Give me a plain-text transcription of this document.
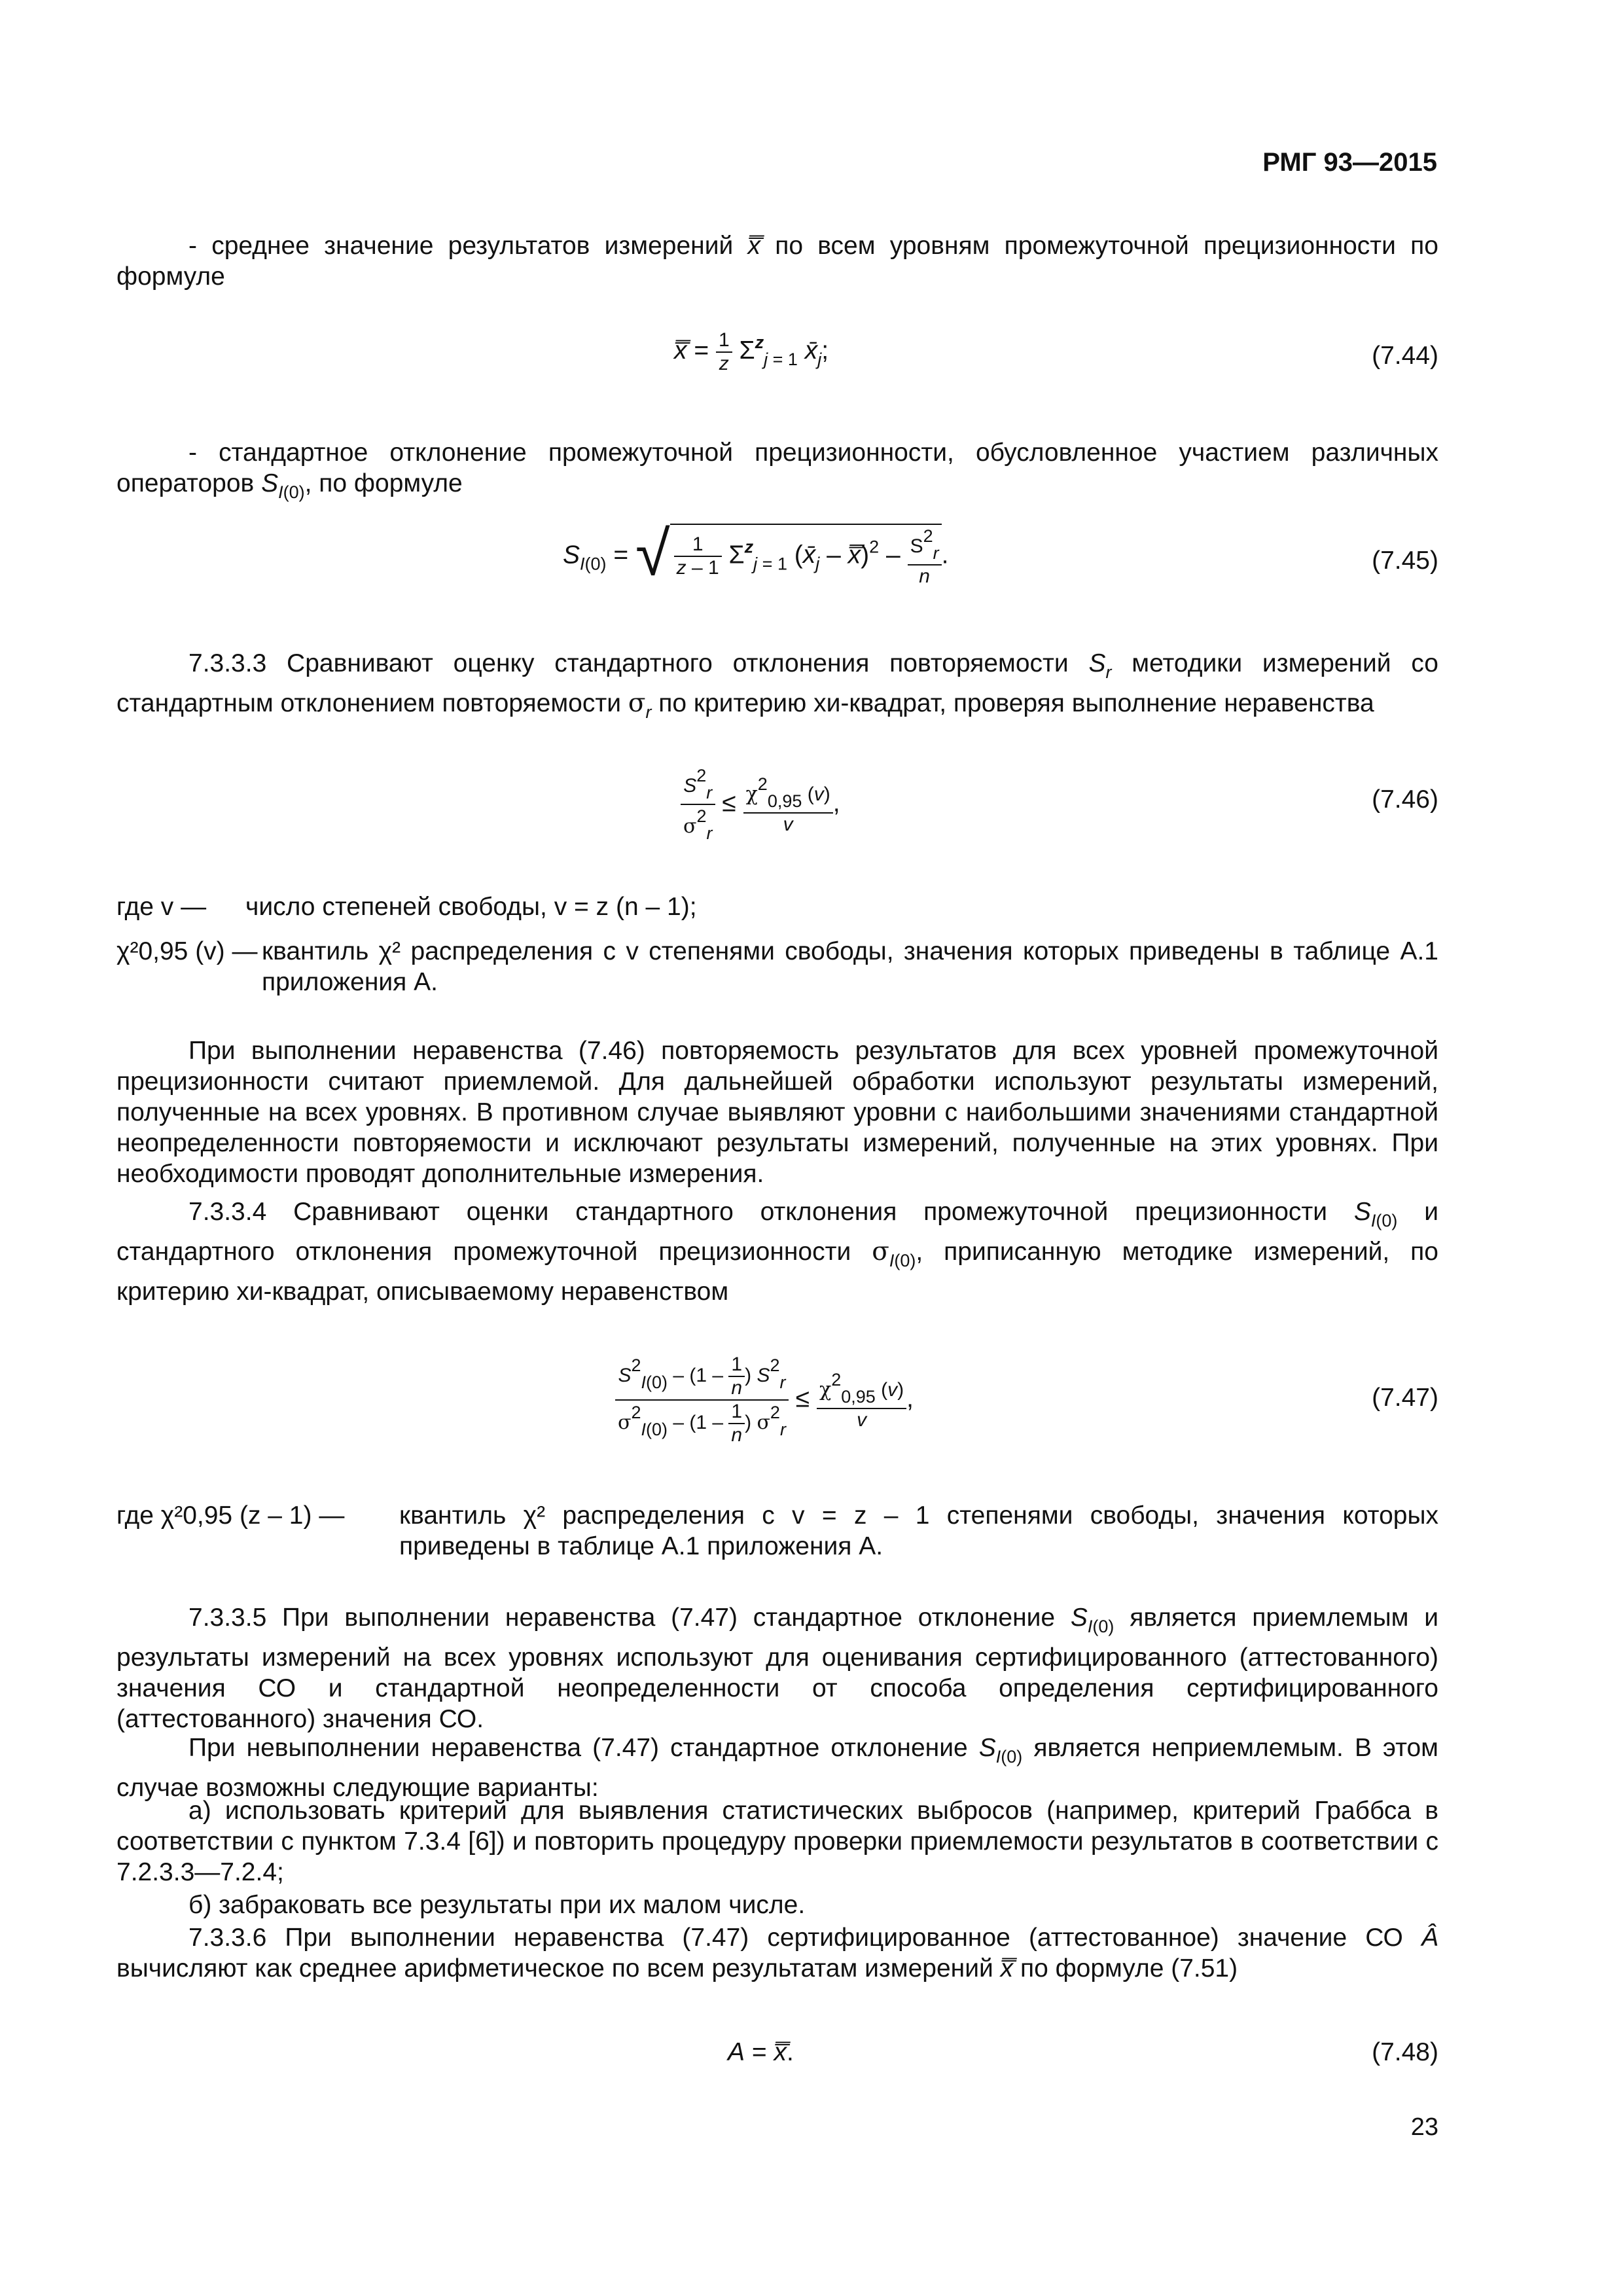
РМГ 93—2015

- среднее значение результатов измерений x̿ по всем уровням промежуточной прецизионности по формуле

x̿ = $\frac{1}{z} \Sigma^z_{j = 1}$ $x̄_j$;	(7.44)

- стандартное отклонение промежуточной прецизионности, обусловленное участием различных операторов $S_{I(0)}$, по формуле

$S_{I(0)}$ = √ $\frac{1}{z - 1} \Sigma^z_{j = 1}$ ($x̄_j$ – x̿)$^2$ – $\frac{S2r}{n}$ .	(7.45)

7.3.3.3 Сравнивают оценку стандартного отклонения повторяемости $S_r$ методики измерений со стандартным отклонением повторяемости $\sigma_r$ по критерию хи-квадрат, проверяя выполнение неравенства

$\frac{S2r}{\sigma 2r} \le \frac{\chi 20,95 (v)}{v}$ ,	(7.46)
где v — число степеней свободы, v = z (n – 1);
χ²0,95 (v) — квантиль χ² распределения с v степенями свободы, значения которых приведены в таблице А.1 приложения А.

При выполнении неравенства (7.46) повторяемость результатов для всех уровней промежуточной прецизионности считают приемлемой. Для дальнейшей обработки используют результаты измерений, полученные на всех уровнях. В противном случае выявляют уровни с наибольшими значениями стандартной неопределенности повторяемости и исключают результаты измерений, полученные на этих уровнях. При необходимости проводят дополнительные измерения.

7.3.3.4 Сравнивают оценки стандартного отклонения промежуточной прецизионности $S_{I(0)}$ и стандартного отклонения промежуточной прецизионности $\sigma_{I(0)}$, приписанную методике измерений, по критерию хи-квадрат, описываемому неравенством

$\frac{S2I(0) - (1 - \frac{1}{n} ) S2r}{\sigma 2I(0) - (1 - \frac{1}{n} ) \sigma 2r} \le \frac{\chi 20,95 (v)}{v}$ ,	(7.47)
где χ²0,95 (z – 1) — квантиль χ² распределения с v = z – 1 степенями свободы, значения которых приведены в таблице А.1 приложения А.

7.3.3.5 При выполнении неравенства (7.47) стандартное отклонение $S_{I(0)}$ является приемлемым и результаты измерений на всех уровнях используют для оценивания сертифицированного (аттестованного) значения СО и стандартной неопределенности от способа определения сертифицированного (аттестованного) значения СО.

При невыполнении неравенства (7.47) стандартное отклонение $S_{I(0)}$ является неприемлемым. В этом случае возможны следующие варианты:

а) использовать критерий для выявления статистических выбросов (например, критерий Граббса в соответствии с пунктом 7.3.4 [6]) и повторить процедуру проверки приемлемости результатов в соответствии с 7.2.3.3—7.2.4;

б) забраковать все результаты при их малом числе.

7.3.3.6 При выполнении неравенства (7.47) сертифицированное (аттестованное) значение СО Â вычисляют как среднее арифметическое по всем результатам измерений x̿ по формуле (7.51)

A = x̿.	(7.48)
23
